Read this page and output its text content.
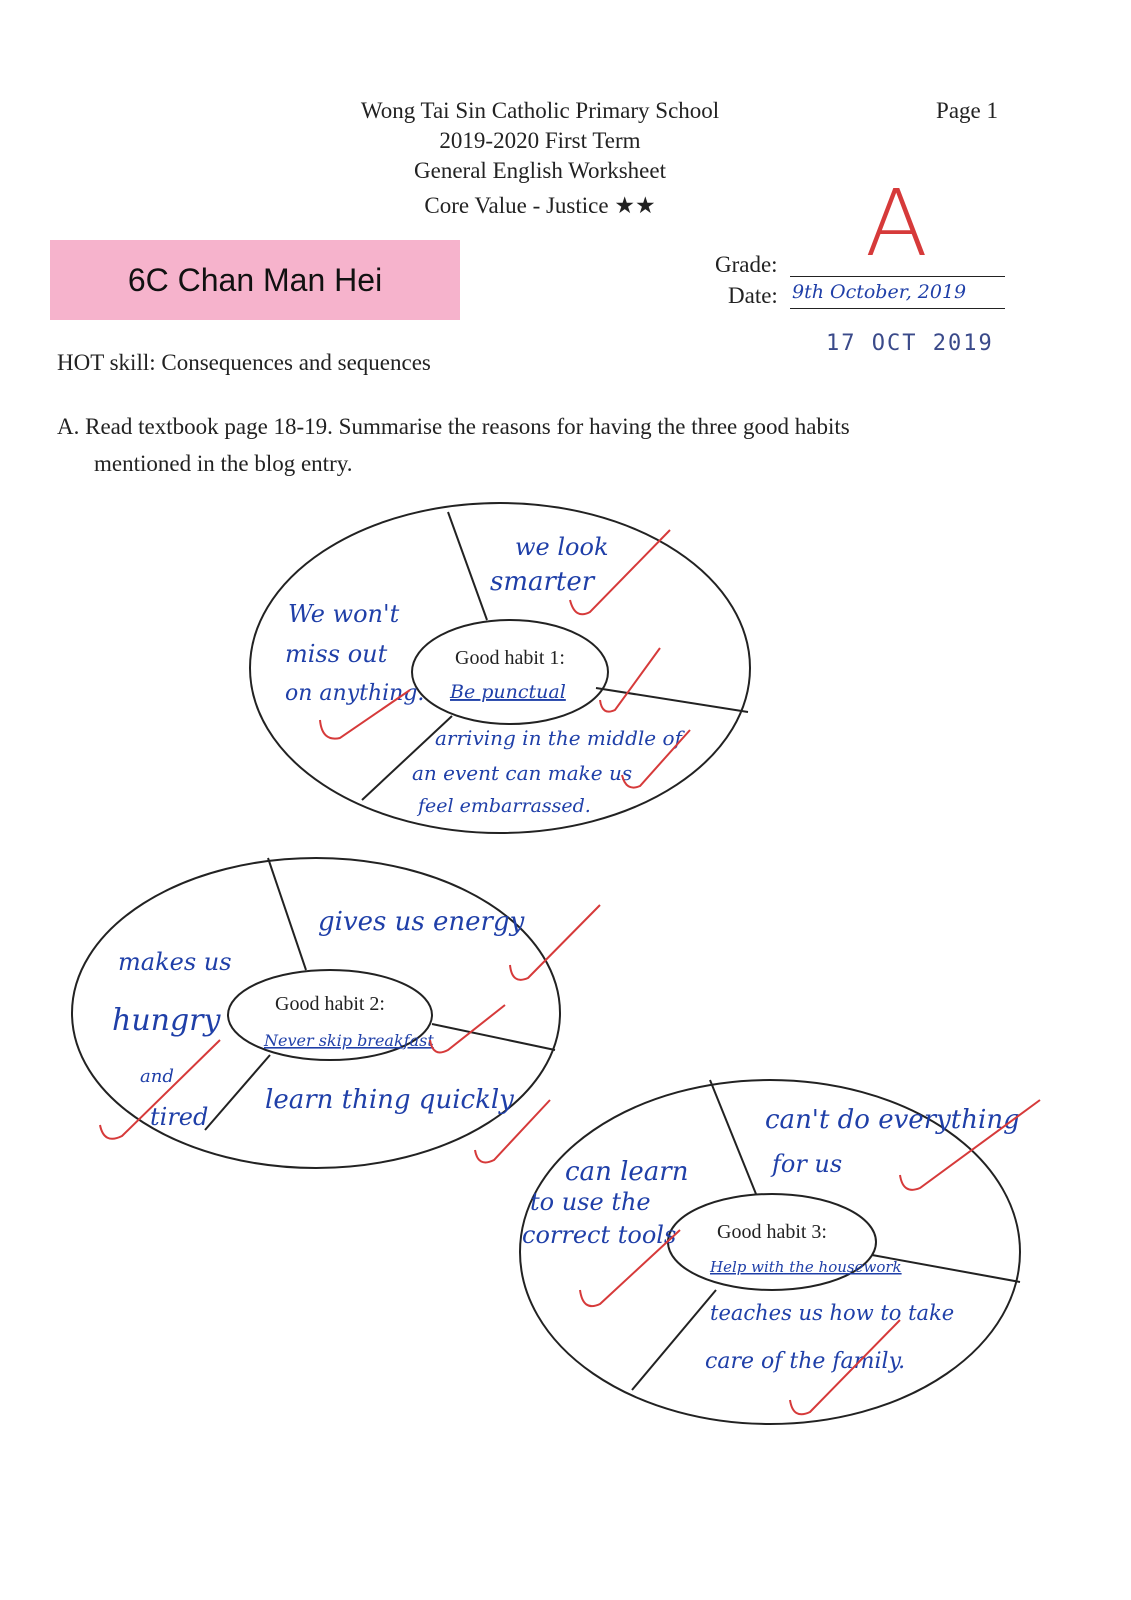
Wong Tai Sin Catholic Primary School
2019-2020 First Term
General English Worksheet
Core Value - Justice ★★
Page 1
6C Chan Man Hei	Grade: A
Date: 9th October, 2019
17 OCT 2019
HOT skill: Consequences and sequences
A. Read textbook page 18-19. Summarise the reasons for having the three good habits
mentioned in the blog entry.
Good habit 1:
Be punctual
we look
smarter
We won't
miss out
on anything.
arriving in the middle of
an event can make us
feel embarrassed.
Good habit 2:
Never skip breakfast
gives us energy
makes us
hungry
and
tired
learn thing quickly
Good habit 3:
Help with the housework
can't do everything
for us
can learn
to use the
correct tools
teaches us how to take
care of the family.
